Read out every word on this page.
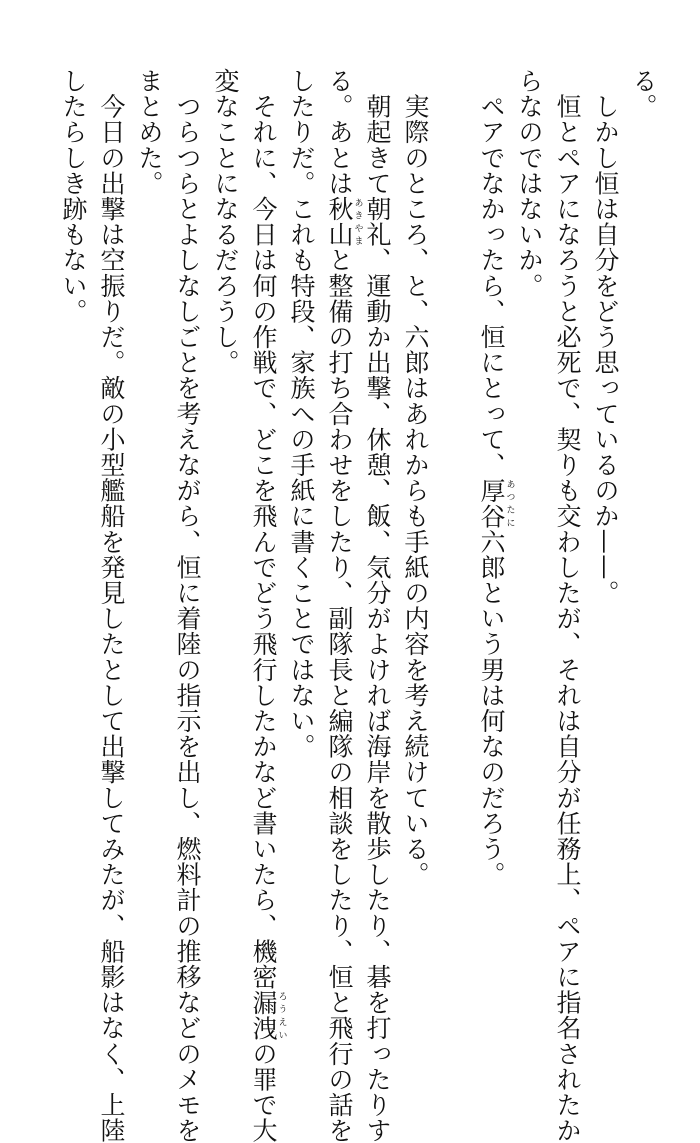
る。
　しかし恒は自分をどう思っているのか——。
　恒とペアになろうと必死で、契りも交わしたが、それは自分が任務上、ペアに指名されたか
らなのではないか。
　ペアでなかったら、恒にとって、厚谷あつたに六郎という男は何なのだろう。
　実際のところ、と、六郎はあれからも手紙の内容を考え続けている。
　朝起きて朝礼、運動か出撃、休憩、飯、気分がよければ海岸を散歩したり、碁を打ったりす
る。あとは秋山あきやまと整備の打ち合わせをしたり、副隊長と編隊の相談をしたり、恒と飛行の話を
したりだ。これも特段、家族への手紙に書くことではない。
　それに、今日は何の作戦で、どこを飛んでどう飛行したかなど書いたら、機密漏洩ろうえいの罪で大
変なことになるだろうし。
　つらつらとよしなしごとを考えながら、恒に着陸の指示を出し、燃料計の推移などのメモを
まとめた。
　今日の出撃は空振りだ。敵の小型艦船を発見したとして出撃してみたが、船影はなく、上陸
したらしき跡もない。
